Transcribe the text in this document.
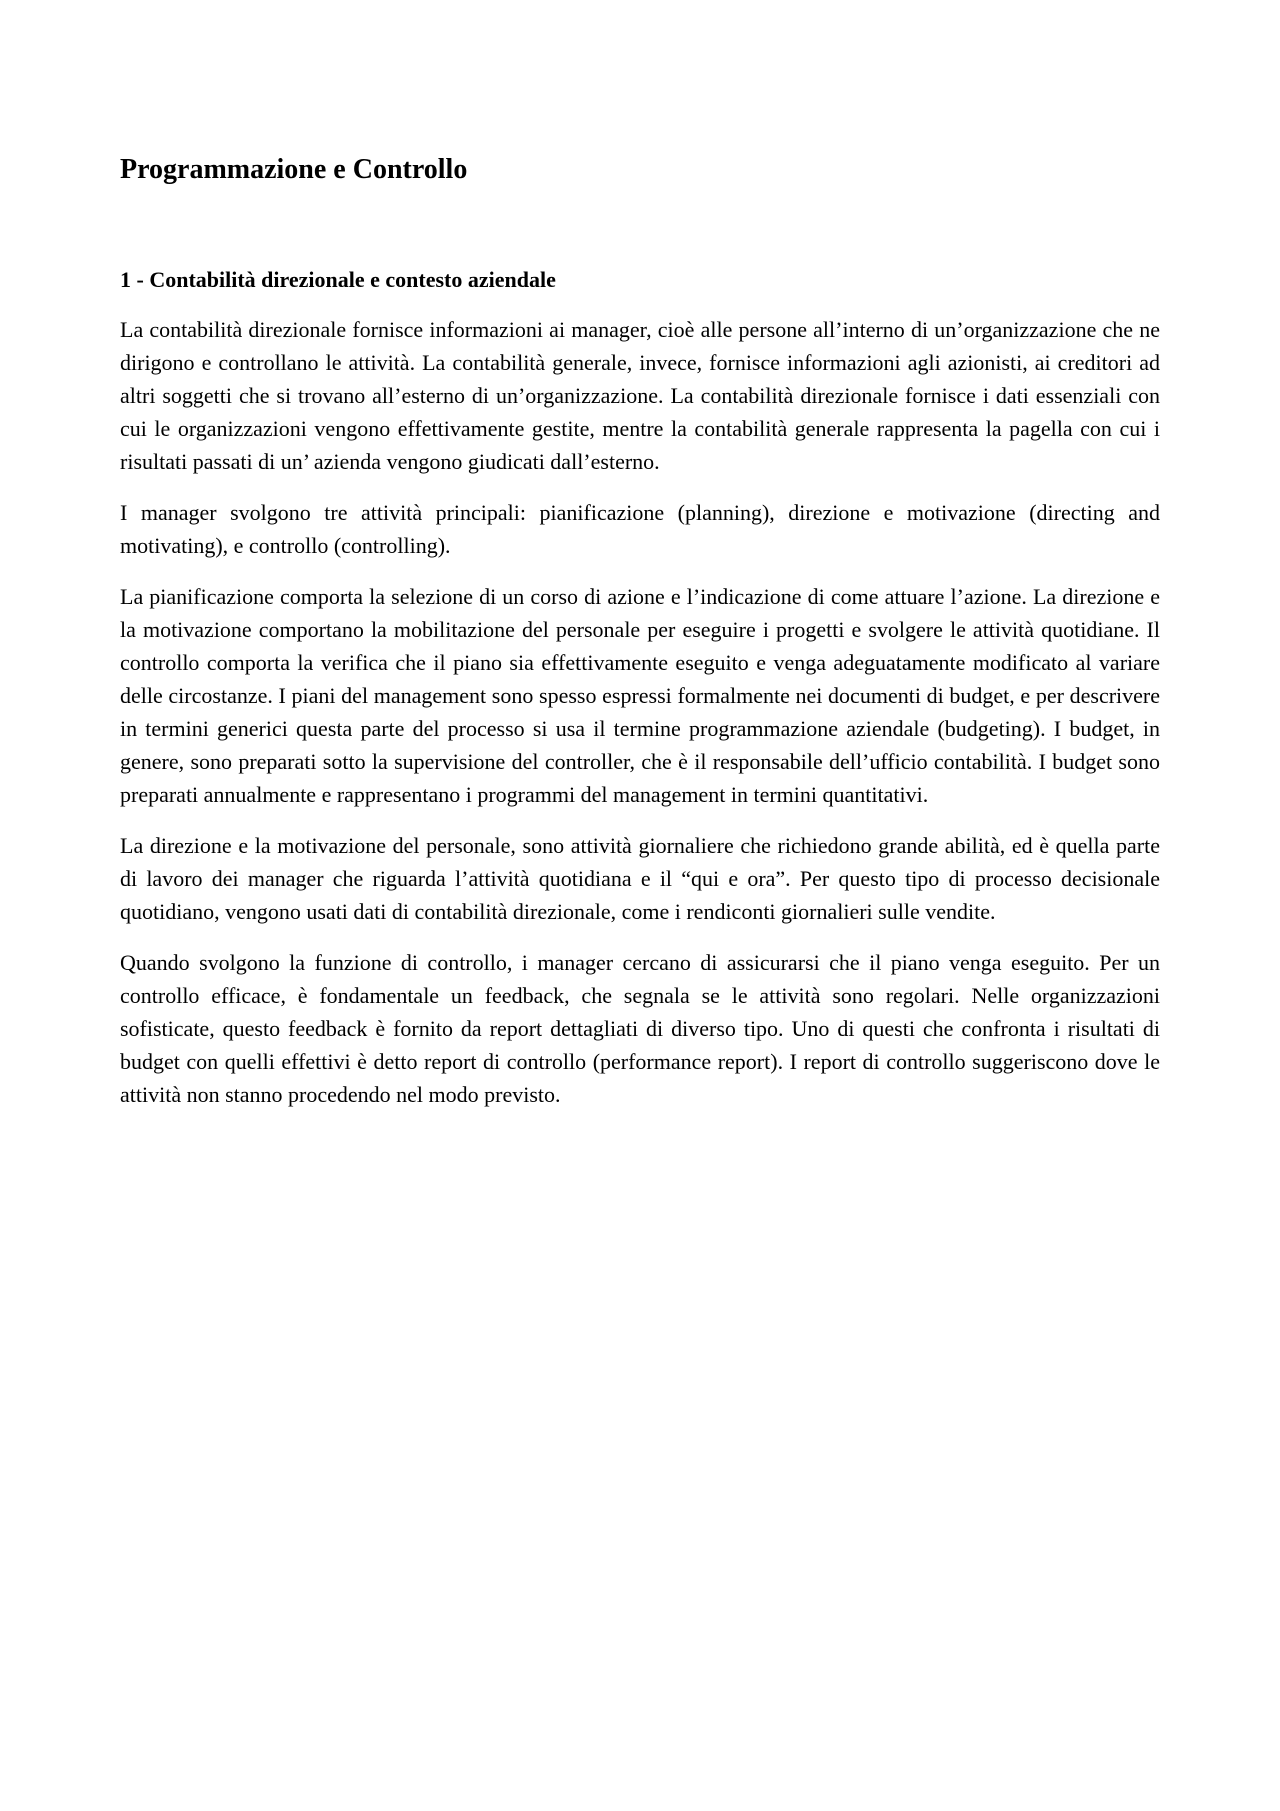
Programmazione e Controllo
1 - Contabilità direzionale e contesto aziendale

La contabilità direzionale fornisce informazioni ai manager, cioè alle persone all’interno di un’organizzazione che ne dirigono e controllano le attività. La contabilità generale, invece, fornisce informazioni agli azionisti, ai creditori ad altri soggetti che si trovano all’esterno di un’organizzazione. La contabilità direzionale fornisce i dati essenziali con cui le organizzazioni vengono effettivamente gestite, mentre la contabilità generale rappresenta la pagella con cui i risultati passati di un’ azienda vengono giudicati dall’esterno.

I manager svolgono tre attività principali: pianificazione (planning), direzione e motivazione (directing and motivating), e controllo (controlling).

La pianificazione comporta la selezione di un corso di azione e l’indicazione di come attuare l’azione. La direzione e la motivazione comportano la mobilitazione del personale per eseguire i progetti e svolgere le attività quotidiane. Il controllo comporta la verifica che il piano sia effettivamente eseguito e venga adeguatamente modificato al variare delle circostanze. I piani del management sono spesso espressi formalmente nei documenti di budget, e per descrivere in termini generici questa parte del processo si usa il termine programmazione aziendale (budgeting). I budget, in genere, sono preparati sotto la supervisione del controller, che è il responsabile dell’ufficio contabilità. I budget sono preparati annualmente e rappresentano i programmi del management in termini quantitativi.

La direzione e la motivazione del personale, sono attività giornaliere che richiedono grande abilità, ed è quella parte di lavoro dei manager che riguarda l’attività quotidiana e il “qui e ora”. Per questo tipo di processo decisionale quotidiano, vengono usati dati di contabilità direzionale, come i rendiconti giornalieri sulle vendite.

Quando svolgono la funzione di controllo, i manager cercano di assicurarsi che il piano venga eseguito. Per un controllo efficace, è fondamentale un feedback, che segnala se le attività sono regolari. Nelle organizzazioni sofisticate, questo feedback è fornito da report dettagliati di diverso tipo. Uno di questi che confronta i risultati di budget con quelli effettivi è detto report di controllo (performance report). I report di controllo suggeriscono dove le attività non stanno procedendo nel modo previsto.
